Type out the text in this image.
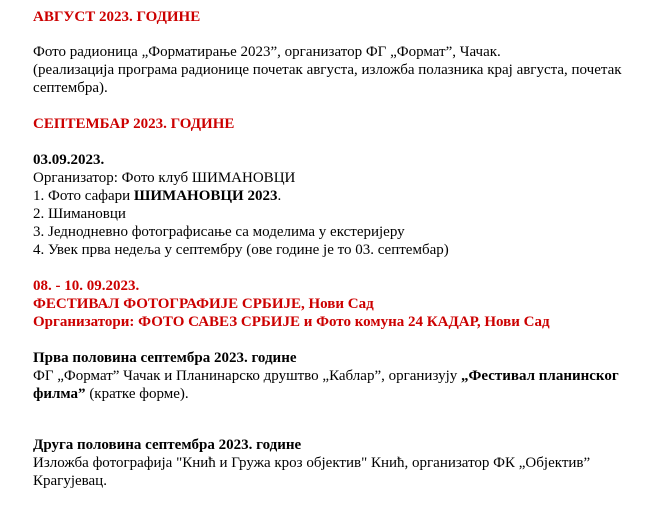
АВГУСТ 2023. ГОДИНЕ
Фото радионица „Форматирање 2023”, организатор ФГ „Формат”, Чачак.
(реализација програма радионице почетак августа, изложба полазника крај августа, почетак
септембра).
СЕПТЕМБАР 2023. ГОДИНЕ
03.09.2023.
Организатор: Фото клуб ШИМАНОВЦИ
1. Фото сафари ШИМАНОВЦИ 2023.
2. Шимановци
3. Једнодневно фотографисање са моделима у екстеријеру
4. Увек прва недеља у септембру (ове године је то 03. септембар)
08. - 10. 09.2023.
ФЕСТИВАЛ ФОТОГРАФИЈЕ СРБИЈЕ, Нови Сад
Организатори: ФОТО САВЕЗ СРБИЈЕ и Фото комуна 24 КАДАР, Нови Сад
Прва половина септембра 2023. године
ФГ „Формат” Чачак и Планинарско друштво „Каблар”, организују „Фестивал планинског
филма” (кратке форме).
Друга половина септембра 2023. године
Изложба фотографија "Кнић и Гружа кроз објектив" Кнић, организатор ФК „Објектив”
Крагујевац.
